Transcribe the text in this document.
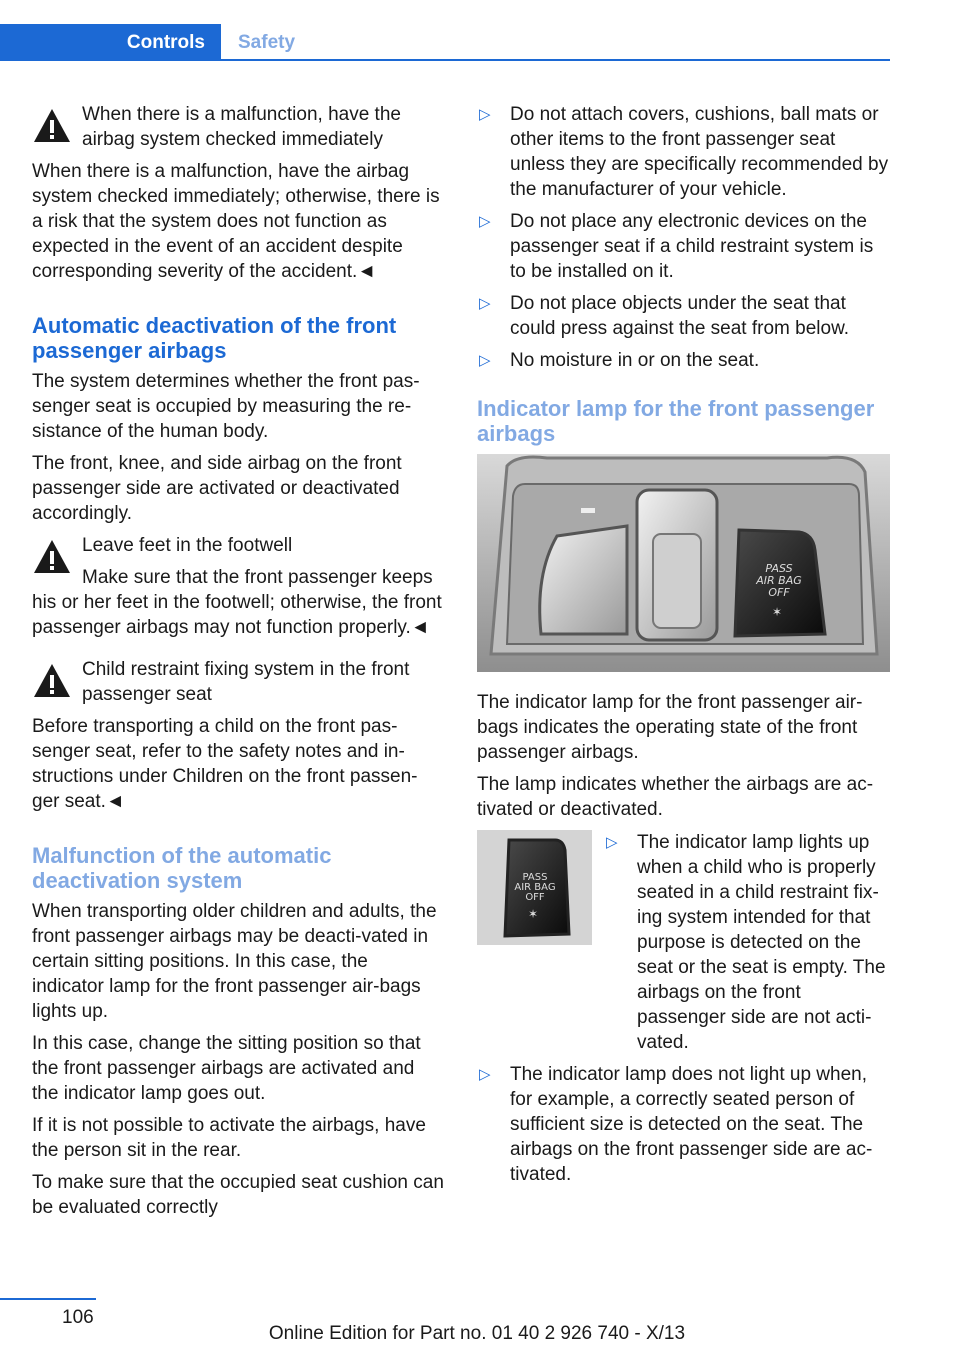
Controls Safety

When there is a malfunction, have the airbag system checked immediately

When there is a malfunction, have the airbag system checked immediately; otherwise, there is a risk that the system does not function as expected in the event of an accident despite corresponding severity of the accident.◄

Automatic deactivation of the front passenger airbags

The system determines whether the front pas-senger seat is occupied by measuring the re-sistance of the human body.

The front, knee, and side airbag on the front passenger side are activated or deactivated accordingly.

Leave feet in the footwell

Make sure that the front passenger keeps his or her feet in the footwell; otherwise, the front passenger airbags may not function properly.◄

Child restraint fixing system in the front passenger seat

Before transporting a child on the front pas-senger seat, refer to the safety notes and in-structions under Children on the front passen-ger seat.◄

Malfunction of the automatic deactivation system

When transporting older children and adults, the front passenger airbags may be deacti-vated in certain sitting positions. In this case, the indicator lamp for the front passenger air-bags lights up.

In this case, change the sitting position so that the front passenger airbags are activated and the indicator lamp goes out.

If it is not possible to activate the airbags, have the person sit in the rear.

To make sure that the occupied seat cushion can be evaluated correctly

▷ Do not attach covers, cushions, ball mats or other items to the front passenger seat unless they are specifically recommended by the manufacturer of your vehicle.
▷ Do not place any electronic devices on the passenger seat if a child restraint system is to be installed on it.
▷ Do not place objects under the seat that could press against the seat from below.
▷ No moisture in or on the seat.
Indicator lamp for the front passenger airbags
PASS
AIR BAG
OFF
✶

The indicator lamp for the front passenger air-bags indicates the operating state of the front passenger airbags.

The lamp indicates whether the airbags are ac-tivated or deactivated.

PASS
AIR BAG
OFF
✶
▷ The indicator lamp lights up when a child who is properly seated in a child restraint fix-ing system intended for that purpose is detected on the seat or the seat is empty. The airbags on the front passenger side are not acti-vated.
▷ The indicator lamp does not light up when, for example, a correctly seated person of sufficient size is detected on the seat. The airbags on the front passenger side are ac-tivated.
106
Online Edition for Part no. 01 40 2 926 740 - X/13
